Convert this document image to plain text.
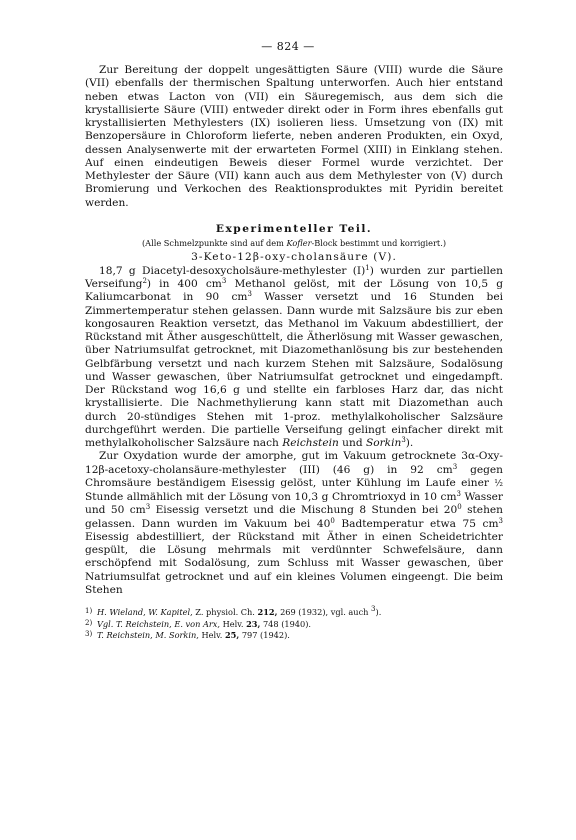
— 824 —

Zur Bereitung der doppelt ungesättigten Säure (VIII) wurde die Säure (VII) ebenfalls der thermischen Spaltung unterworfen. Auch hier entstand neben etwas Lacton von (VII) ein Säuregemisch, aus dem sich die krystallisierte Säure (VIII) entweder direkt oder in Form ihres ebenfalls gut krystallisierten Methylesters (IX) isolieren liess. Umsetzung von (IX) mit Benzopersäure in Chloroform lieferte, neben anderen Produkten, ein Oxyd, dessen Analysenwerte mit der erwarteten Formel (XIII) in Einklang stehen. Auf einen eindeutigen Beweis dieser Formel wurde verzichtet. Der Methylester der Säure (VII) kann auch aus dem Methylester von (V) durch Bromierung und Verkochen des Reaktionsproduktes mit Pyridin bereitet werden.

Experimenteller Teil.
(Alle Schmelzpunkte sind auf dem Kofler-Block bestimmt und korrigiert.)
3-Keto-12β-oxy-cholansäure (V).

18,7 g Diacetyl-desoxycholsäure-methylester $(I)^1$) wurden zur partiellen Verseifung$^2$) in 400 $cm^3$ Methanol gelöst, mit der Lösung von 10,5 g Kaliumcarbonat in 90 $cm^3$ Wasser versetzt und 16 Stunden bei Zimmertemperatur stehen gelassen. Dann wurde mit Salzsäure bis zur eben kongosauren Reaktion versetzt, das Methanol im Vakuum abdestilliert, der Rückstand mit Äther ausgeschüttelt, die Ätherlösung mit Wasser gewaschen, über Natriumsulfat getrocknet, mit Diazomethanlösung bis zur bestehenden Gelbfärbung versetzt und nach kurzem Stehen mit Salzsäure, Sodalösung und Wasser gewaschen, über Natriumsulfat getrocknet und eingedampft. Der Rückstand wog 16,6 g und stellte ein farbloses Harz dar, das nicht krystallisierte. Die Nachmethylierung kann statt mit Diazomethan auch durch 20-stündiges Stehen mit 1-proz. methylalkoholischer Salzsäure durchgeführt werden. Die partielle Verseifung gelingt einfacher direkt mit methylalkoholischer Salzsäure nach Reichstein und Sorkin$^3$).

Zur Oxydation wurde der amorphe, gut im Vakuum getrocknete 3α-Oxy-12β-acetoxy-cholansäure-methylester (III) (46 g) in 92 $cm^3$ gegen Chromsäure beständigem Eisessig gelöst, unter Kühlung im Laufe einer ½ Stunde allmählich mit der Lösung von 10,3 g Chromtrioxyd in 10 $cm^3$ Wasser und 50 $cm^3$ Eisessig versetzt und die Mischung 8 Stunden bei $20^0$ stehen gelassen. Dann wurden im Vakuum bei $40^0$ Badtemperatur etwa 75 $cm^3$ Eisessig abdestilliert, der Rückstand mit Äther in einen Scheidetrichter gespült, die Lösung mehrmals mit verdünnter Schwefelsäure, dann erschöpfend mit Sodalösung, zum Schluss mit Wasser gewaschen, über Natriumsulfat getrocknet und auf ein kleines Volumen eingeengt. Die beim Stehen

1) H. Wieland, W. Kapitel, Z. physiol. Ch. 212, 269 (1932), vgl. auch $^3$).
2) Vgl. T. Reichstein, E. von Arx, Helv. 23, 748 (1940).
3) T. Reichstein, M. Sorkin, Helv. 25, 797 (1942).
